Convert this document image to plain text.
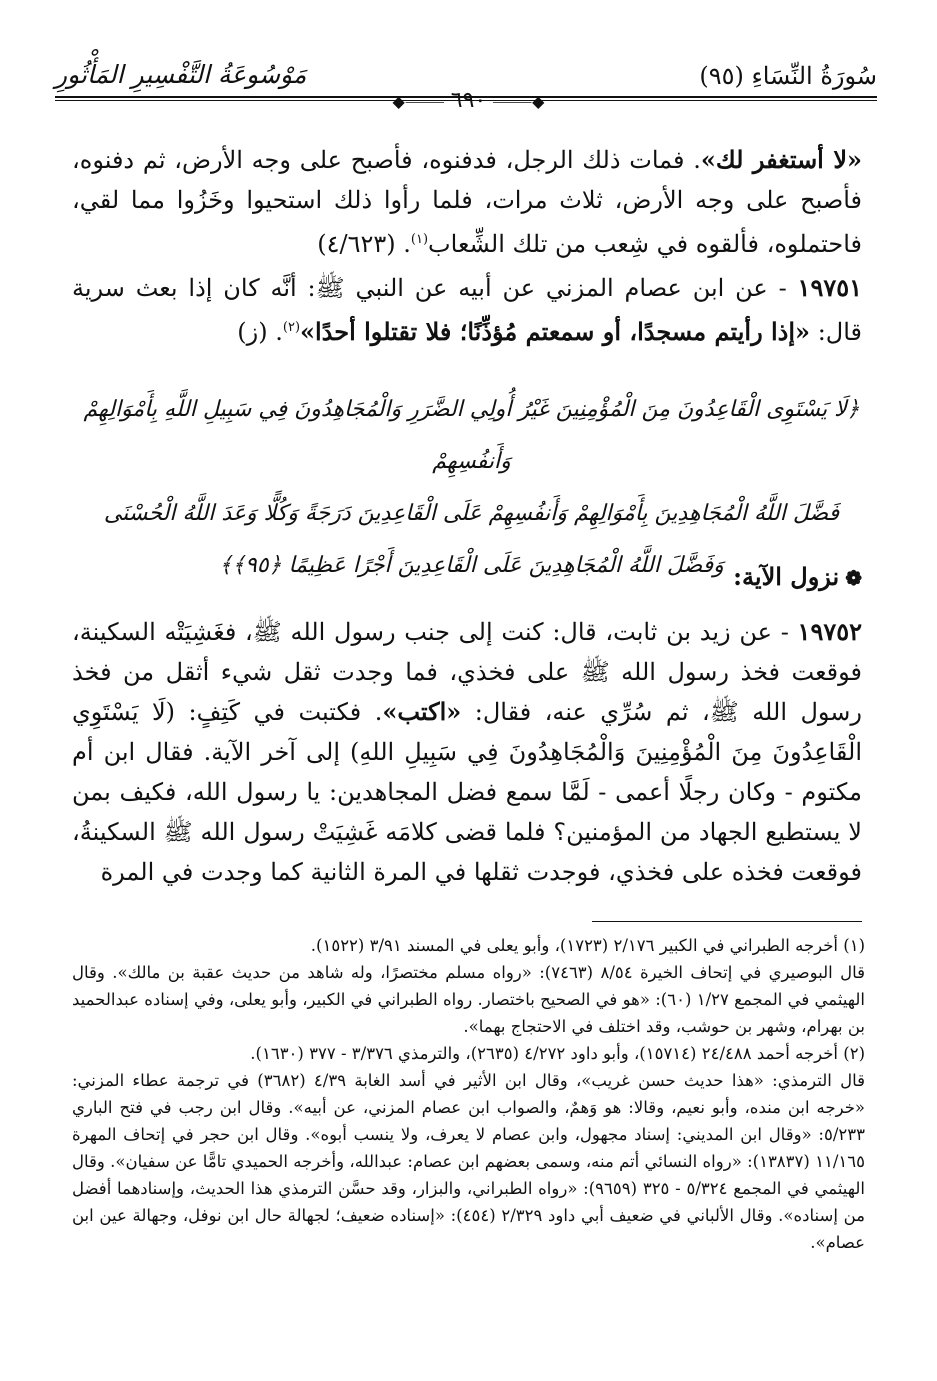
سُورَةُ النِّسَاءِ (٩٥)
مَوْسُوعَةُ التَّفْسِيرِ المَأْثُورِ
◆⸻٦٩٠⸻◆

«لا أستغفر لك». فمات ذلك الرجل، فدفنوه، فأصبح على وجه الأرض، ثم دفنوه، فأصبح على وجه الأرض، ثلاث مرات، فلما رأوا ذلك استحيوا وخَزُوا مما لقي، فاحتملوه، فألقوه في شِعب من تلك الشِّعاب$^{(١)}$. (٤/٦٢٣)

١٩٧٥١ - عن ابن عصام المزني عن أبيه عن النبي ﷺ: أنَّه كان إذا بعث سرية قال: «إذا رأيتم مسجدًا، أو سمعتم مُؤذِّنًا؛ فلا تقتلوا أحدًا»$^{(٢)}$. (ز)

﴿لَا يَسْتَوِى الْقَاعِدُونَ مِنَ الْمُؤْمِنِينَ غَيْرُ أُولِي الضَّرَرِ وَالْمُجَاهِدُونَ فِي سَبِيلِ اللَّهِ بِأَمْوَالِهِمْ وَأَنفُسِهِمْ
فَضَّلَ اللَّهُ الْمُجَاهِدِينَ بِأَمْوَالِهِمْ وَأَنفُسِهِمْ عَلَى الْقَاعِدِينَ دَرَجَةً وَكُلًّا وَعَدَ اللَّهُ الْحُسْنَى
وَفَضَّلَ اللَّهُ الْمُجَاهِدِينَ عَلَى الْقَاعِدِينَ أَجْرًا عَظِيمًا ﴿٩٥﴾﴾	❁نزول الآية:

١٩٧٥٢ - عن زيد بن ثابت، قال: كنت إلى جنب رسول الله ﷺ، فغَشِيَتْه السكينة، فوقعت فخذ رسول الله ﷺ على فخذي، فما وجدت ثقل شيء أثقل من فخذ رسول الله ﷺ، ثم سُرِّي عنه، فقال: «اكتب». فكتبت في كَتِفٍ: (لَا يَسْتَوِي الْقَاعِدُونَ مِنَ الْمُؤْمِنِينَ وَالْمُجَاهِدُونَ فِي سَبِيلِ اللهِ) إلى آخر الآية. فقال ابن أم مكتوم - وكان رجلًا أعمى - لَمَّا سمع فضل المجاهدين: يا رسول الله، فكيف بمن لا يستطيع الجهاد من المؤمنين؟ فلما قضى كلامَه غَشِيَتْ رسول الله ﷺ السكينةُ، فوقعت فخذه على فخذي، فوجدت ثقلها في المرة الثانية كما وجدت في المرة

(١) أخرجه الطبراني في الكبير ٢/١٧٦ (١٧٢٣)، وأبو يعلى في المسند ٣/٩١ (١٥٢٢).

قال البوصيري في إتحاف الخيرة ٨/٥٤ (٧٤٦٣): «رواه مسلم مختصرًا، وله شاهد من حديث عقبة بن مالك». وقال الهيثمي في المجمع ١/٢٧ (٦٠): «هو في الصحيح باختصار. رواه الطبراني في الكبير، وأبو يعلى، وفي إسناده عبدالحميد بن بهرام، وشهر بن حوشب، وقد اختلف في الاحتجاج بهما».

(٢) أخرجه أحمد ٢٤/٤٨٨ (١٥٧١٤)، وأبو داود ٤/٢٧٢ (٢٦٣٥)، والترمذي ٣/٣٧٦ - ٣٧٧ (١٦٣٠).

قال الترمذي: «هذا حديث حسن غريب»، وقال ابن الأثير في أسد الغابة ٤/٣٩ (٣٦٨٢) في ترجمة عطاء المزني: «خرجه ابن منده، وأبو نعيم، وقالا: هو وَهمٌ، والصواب ابن عصام المزني، عن أبيه». وقال ابن رجب في فتح الباري ٥/٢٣٣: «وقال ابن المديني: إسناد مجهول، وابن عصام لا يعرف، ولا ينسب أبوه». وقال ابن حجر في إتحاف المهرة ١١/١٦٥ (١٣٨٣٧): «رواه النسائي أتم منه، وسمى بعضهم ابن عصام: عبدالله، وأخرجه الحميدي تامًّا عن سفيان». وقال الهيثمي في المجمع ٥/٣٢٤ - ٣٢٥ (٩٦٥٩): «رواه الطبراني، والبزار، وقد حسَّن الترمذي هذا الحديث، وإسنادهما أفضل من إسناده». وقال الألباني في ضعيف أبي داود ٢/٣٢٩ (٤٥٤): «إسناده ضعيف؛ لجهالة حال ابن نوفل، وجهالة عين ابن عصام».
